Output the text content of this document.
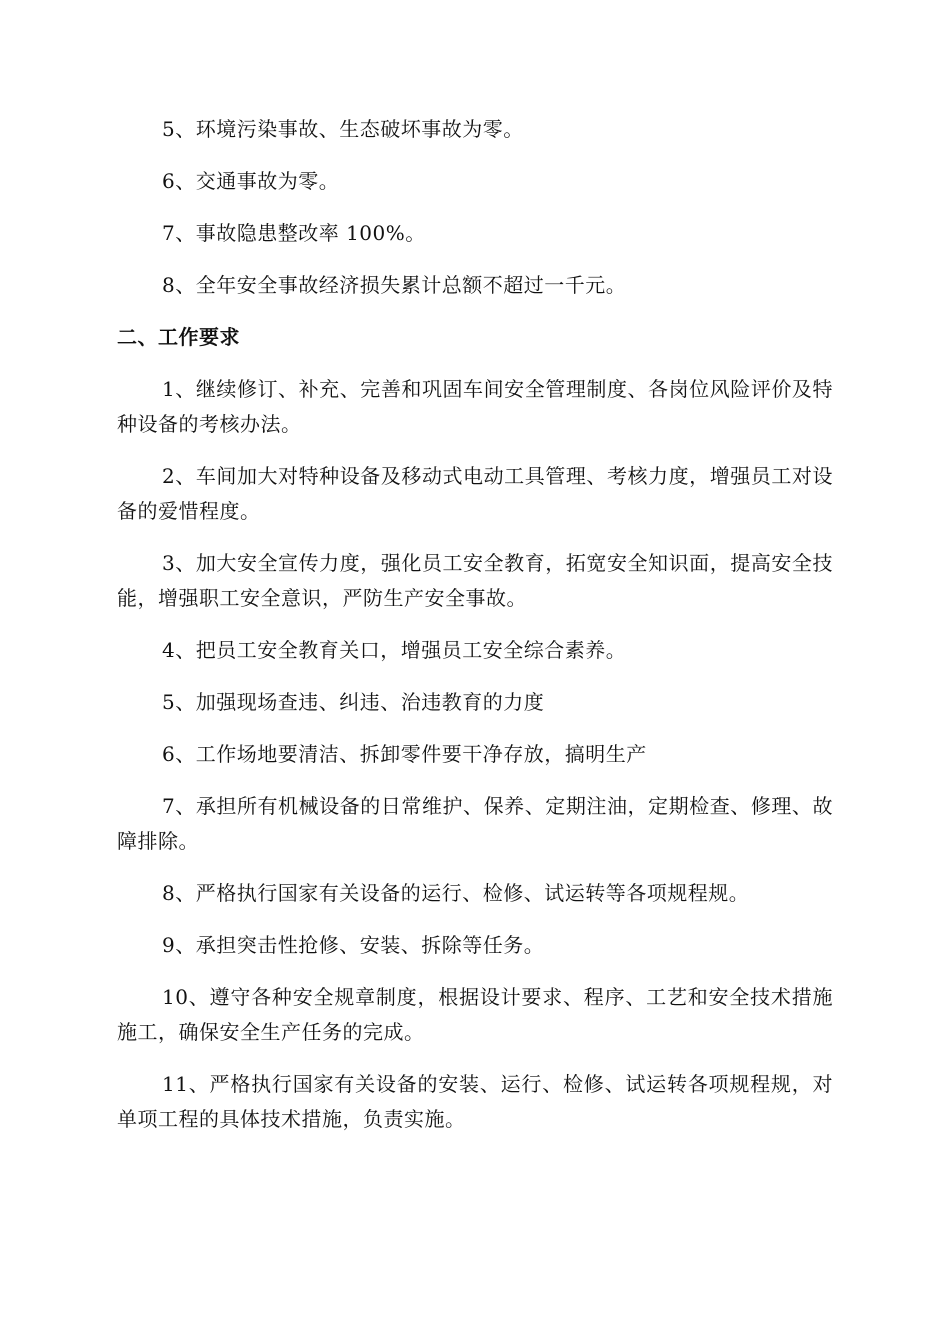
5、环境污染事故、生态破坏事故为零。

6、交通事故为零。

7、事故隐患整改率 100%。

8、全年安全事故经济损失累计总额不超过一千元。

二、工作要求

1、继续修订、补充、完善和巩固车间安全管理制度、各岗位风险评价及特种设备的考核办法。

2、车间加大对特种设备及移动式电动工具管理、考核力度，增强员工对设备的爱惜程度。

3、加大安全宣传力度，强化员工安全教育，拓宽安全知识面，提高安全技能，增强职工安全意识，严防生产安全事故。

4、把员工安全教育关口，增强员工安全综合素养。

5、加强现场查违、纠违、治违教育的力度

6、工作场地要清洁、拆卸零件要干净存放，搞明生产

7、承担所有机械设备的日常维护、保养、定期注油，定期检查、修理、故障排除。

8、严格执行国家有关设备的运行、检修、试运转等各项规程规。

9、承担突击性抢修、安装、拆除等任务。

10、遵守各种安全规章制度，根据设计要求、程序、工艺和安全技术措施施工，确保安全生产任务的完成。

11、严格执行国家有关设备的安装、运行、检修、试运转各项规程规，对单项工程的具体技术措施，负责实施。
